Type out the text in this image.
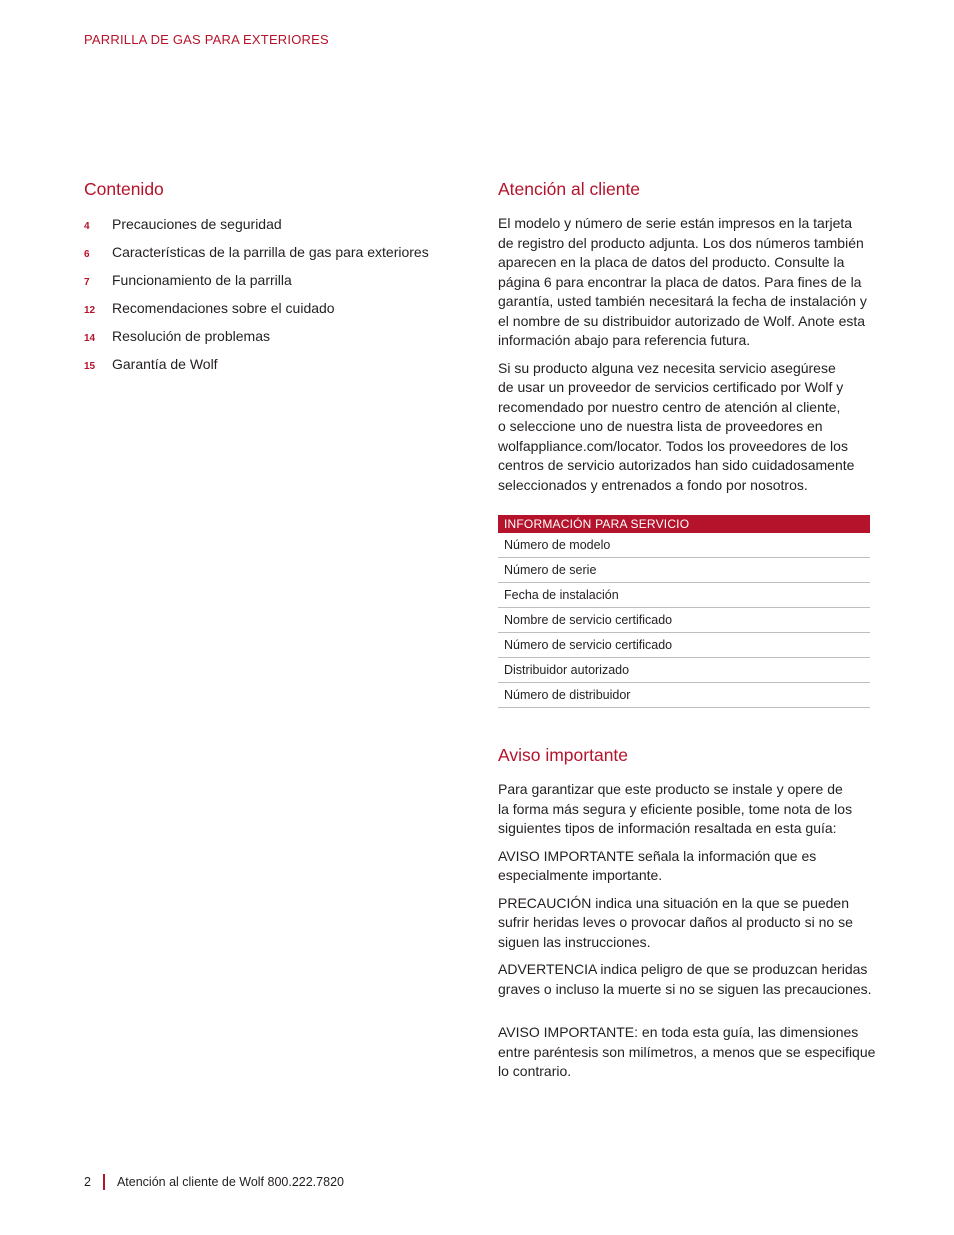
PARRILLA DE GAS PARA EXTERIORES
Contenido
4	Precauciones de seguridad
6	Características de la parrilla de gas para exteriores
7	Funcionamiento de la parrilla
12	Recomendaciones sobre el cuidado
14	Resolución de problemas
15	Garantía de Wolf
Atención al cliente

El modelo y número de serie están impresos en la tarjeta
de registro del producto adjunta. Los dos números también
aparecen en la placa de datos del producto. Consulte la
página 6 para encontrar la placa de datos. Para fines de la
garantía, usted también necesitará la fecha de instalación y
el nombre de su distribuidor autorizado de Wolf. Anote esta
información abajo para referencia futura.

Si su producto alguna vez necesita servicio asegúrese
de usar un proveedor de servicios certificado por Wolf y
recomendado por nuestro centro de atención al cliente,
o seleccione uno de nuestra lista de proveedores en
wolfappliance.com/locator. Todos los proveedores de los
centros de servicio autorizados han sido cuidadosamente
seleccionados y entrenados a fondo por nosotros.

INFORMACIÓN PARA SERVICIO
Número de modelo
Número de serie
Fecha de instalación
Nombre de servicio certificado
Número de servicio certificado
Distribuidor autorizado
Número de distribuidor
Aviso importante

Para garantizar que este producto se instale y opere de
la forma más segura y eficiente posible, tome nota de los
siguientes tipos de información resaltada en esta guía:

AVISO IMPORTANTE señala la información que es
especialmente importante.

PRECAUCIÓN indica una situación en la que se pueden
sufrir heridas leves o provocar daños al producto si no se
siguen las instrucciones.

ADVERTENCIA indica peligro de que se produzcan heridas
graves o incluso la muerte si no se siguen las precauciones.

AVISO IMPORTANTE: en toda esta guía, las dimensiones
entre paréntesis son milímetros, a menos que se especifique
lo contrario.

2 Atención al cliente de Wolf 800.222.7820
